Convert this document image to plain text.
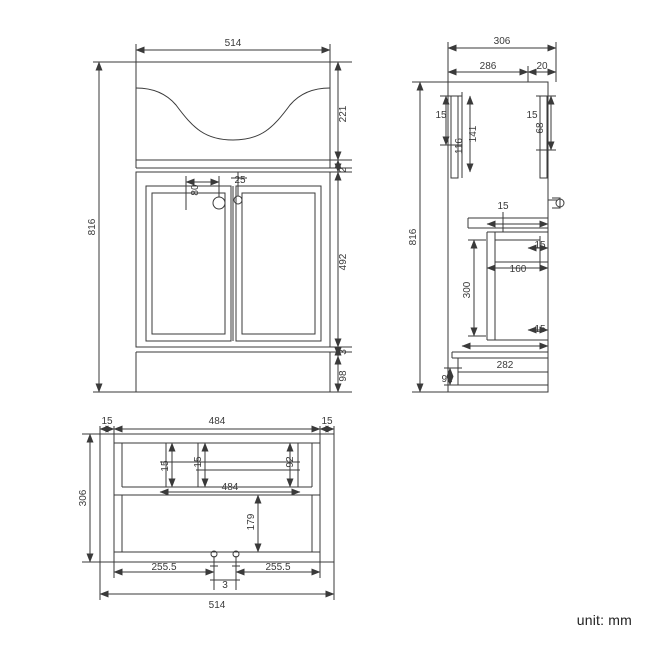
514
816
221
2
492
3
98
80
25
306
286	20
816
141
15
116
15
68
15
15
160
300
15
282
92
15	484	15
306
15 15	92
484
179
255.5	255.5
3
514
unit: mm
